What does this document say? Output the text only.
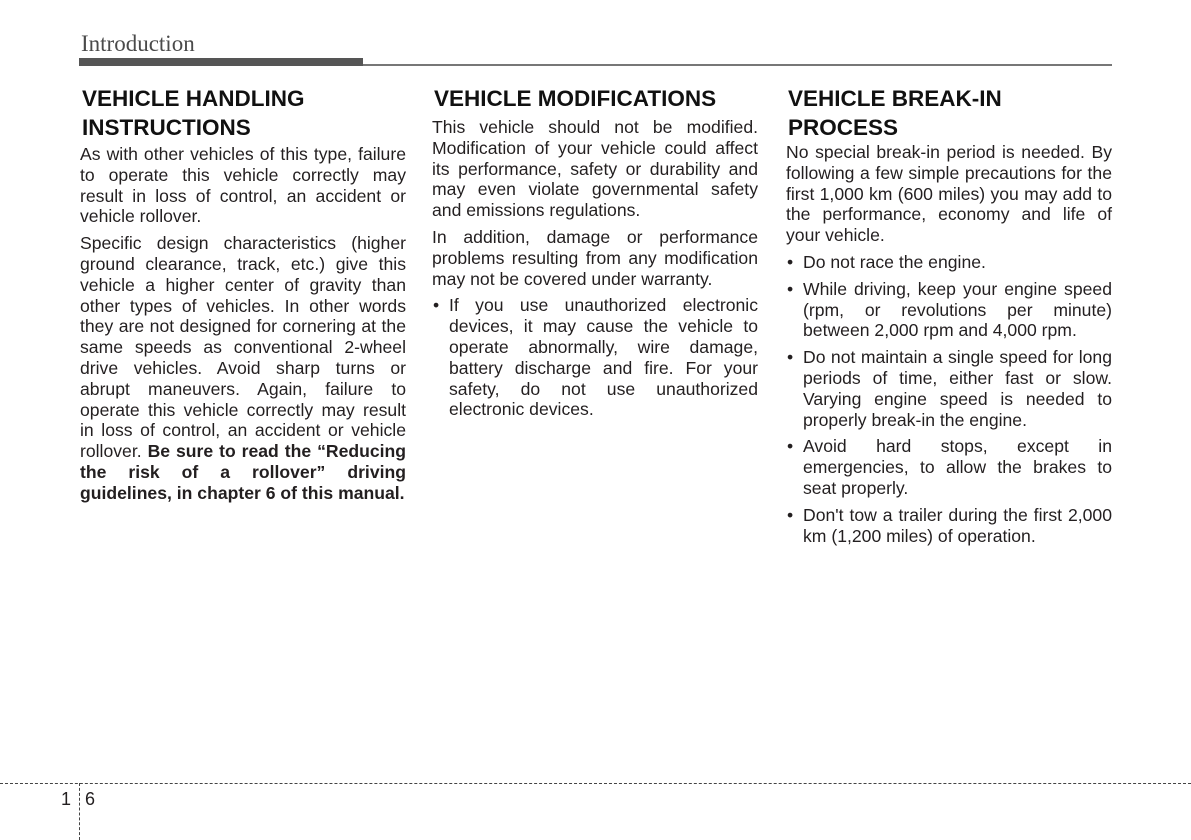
Introduction
VEHICLE HANDLING INSTRUCTIONS

As with other vehicles of this type, failure to operate this vehicle correctly may result in loss of control, an accident or vehicle rollover.

Specific design characteristics (higher ground clearance, track, etc.) give this vehicle a higher center of gravity than other types of vehicles. In other words they are not designed for cornering at the same speeds as conventional 2-wheel drive vehicles. Avoid sharp turns or abrupt maneuvers. Again, failure to operate this vehicle correctly may result in loss of control, an accident or vehicle rollover. Be sure to read the “Reducing the risk of a rollover” driving guidelines, in chapter 6 of this manual.

VEHICLE MODIFICATIONS

This vehicle should not be modified. Modification of your vehicle could affect its performance, safety or durability and may even violate governmental safety and emissions regulations.

In addition, damage or performance problems resulting from any modification may not be covered under warranty.

• If you use unauthorized electronic devices, it may cause the vehicle to operate abnormally, wire damage, battery discharge and fire. For your safety, do not use unauthorized electronic devices.
VEHICLE BREAK-IN PROCESS

No special break-in period is needed. By following a few simple precautions for the first 1,000 km (600 miles) you may add to the performance, economy and life of your vehicle.

• Do not race the engine.
• While driving, keep your engine speed (rpm, or revolutions per minute) between 2,000 rpm and 4,000 rpm.
• Do not maintain a single speed for long periods of time, either fast or slow. Varying engine speed is needed to properly break-in the engine.
• Avoid hard stops, except in emergencies, to allow the brakes to seat properly.
• Don't tow a trailer during the first 2,000 km (1,200 miles) of operation.
1 6
